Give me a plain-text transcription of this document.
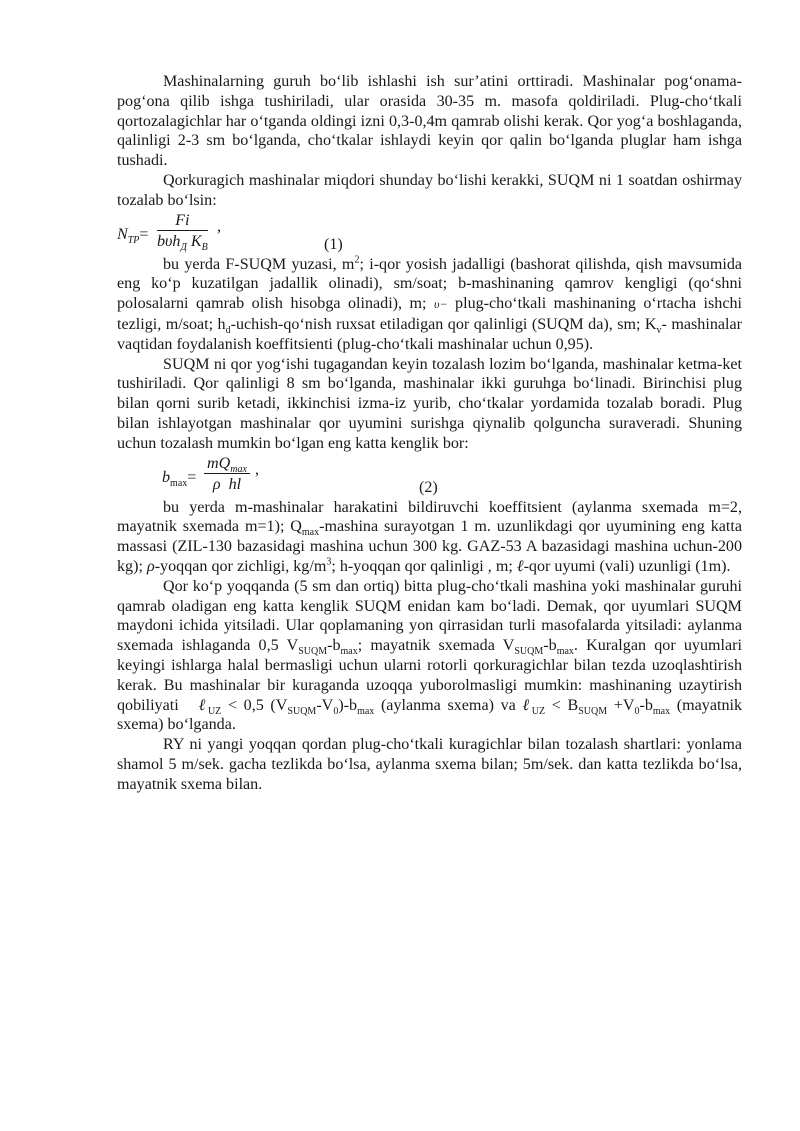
Mashinalarning guruh bo‘lib ishlashi ish sur’atini orttiradi. Mashinalar pog‘onama-pog‘ona qilib ishga tushiriladi, ular orasida 30-35 m. masofa qoldiriladi. Plug-cho‘tkali qortozalagichlar har o‘tganda oldingi izni 0,3-0,4m qamrab olishi kerak. Qor yog‘a boshlaganda, qalinligi 2-3 sm bo‘lganda, cho‘tkalar ishlaydi keyin qor qalin bo‘lganda pluglar ham ishga tushadi.

Qorkuragich mashinalar miqdori shunday bo‘lishi kerakki, SUQM ni 1 soatdan oshirmay tozalab bo‘lsin:

$N_{TP}=$
Fi
bυh$_Д$ $K_B$
,
(1)

bu yerda F-SUQM yuzasi, $m^2$; i-qor yosish jadalligi (bashorat qilishda, qish mavsumida eng ko‘p kuzatilgan jadallik olinadi), sm/soat; b-mashinaning qamrov kengligi (qo‘shni polosalarni qamrab olish hisobga olinadi), m; υ− plug-cho‘tkali mashinaning o‘rtacha ishchi tezligi, m/soat; $h_d-uchish-qo‘nish$ ruxsat etiladigan qor qalinligi (SUQM da), sm; $K_v-$ mashinalar vaqtidan foydalanish koeffitsienti (plug-cho‘tkali mashinalar uchun 0,95).

SUQM ni qor yog‘ishi tugagandan keyin tozalash lozim bo‘lganda, mashinalar ketma-ket tushiriladi. Qor qalinligi 8 sm bo‘lganda, mashinalar ikki guruhga bo‘linadi. Birinchisi plug bilan qorni surib ketadi, ikkinchisi izma-iz yurib, cho‘tkalar yordamida tozalab boradi. Plug bilan ishlayotgan mashinalar qor uyumini surishga qiynalib qolguncha suraveradi. Shuning uchun tozalash mumkin bo‘lgan eng katta kenglik bor:

$b_{max}=$
$mQ_{max}$
ρ  hl
,
(2)

bu yerda m-mashinalar harakatini bildiruvchi koeffitsient (aylanma sxemada m=2, mayatnik sxemada m=1); $Q_{max}$-mashina surayotgan 1 m. uzunlikdagi qor uyumining eng katta massasi (ZIL-130 bazasidagi mashina uchun 300 kg. GAZ-53 A bazasidagi mashina uchun-200 kg); ρ-yoqqan qor zichligi, $kg/m^3$; h-yoqqan qor qalinligi , m; ℓ-qor uyumi (vali) uzunligi (1m).

Qor ko‘p yoqqanda (5 sm dan ortiq) bitta plug-cho‘tkali mashina yoki mashinalar guruhi qamrab oladigan eng katta kenglik SUQM enidan kam bo‘ladi. Demak, qor uyumlari SUQM maydoni ichida yitsiladi. Ular qoplamaning yon qirrasidan turli masofalarda yitsiladi: aylanma sxemada ishlaganda 0,5 $V_{SUQM}-b_{max}$; mayatnik sxemada $V_{SUQM}-b_{max}$. Kuralgan qor uyumlari keyingi ishlarga halal bermasligi uchun ularni rotorli qorkuragichlar bilan tezda uzoqlashtirish kerak. Bu mashinalar bir kuraganda uzoqqa yuborolmasligi mumkin: mashinaning uzaytirish qobiliyati ℓ$_{UZ}$ < 0,5 $(V_{SUQM}-V_0)-b_{max}$ (aylanma sxema) va ℓ$_{UZ}$ < $B_{SUQM} +V_0-b_{max}$ (mayatnik sxema) bo‘lganda.

RY ni yangi yoqqan qordan plug-cho‘tkali kuragichlar bilan tozalash shartlari: yonlama shamol 5 m/sek. gacha tezlikda bo‘lsa, aylanma sxema bilan; 5m/sek. dan katta tezlikda bo‘lsa, mayatnik sxema bilan.
